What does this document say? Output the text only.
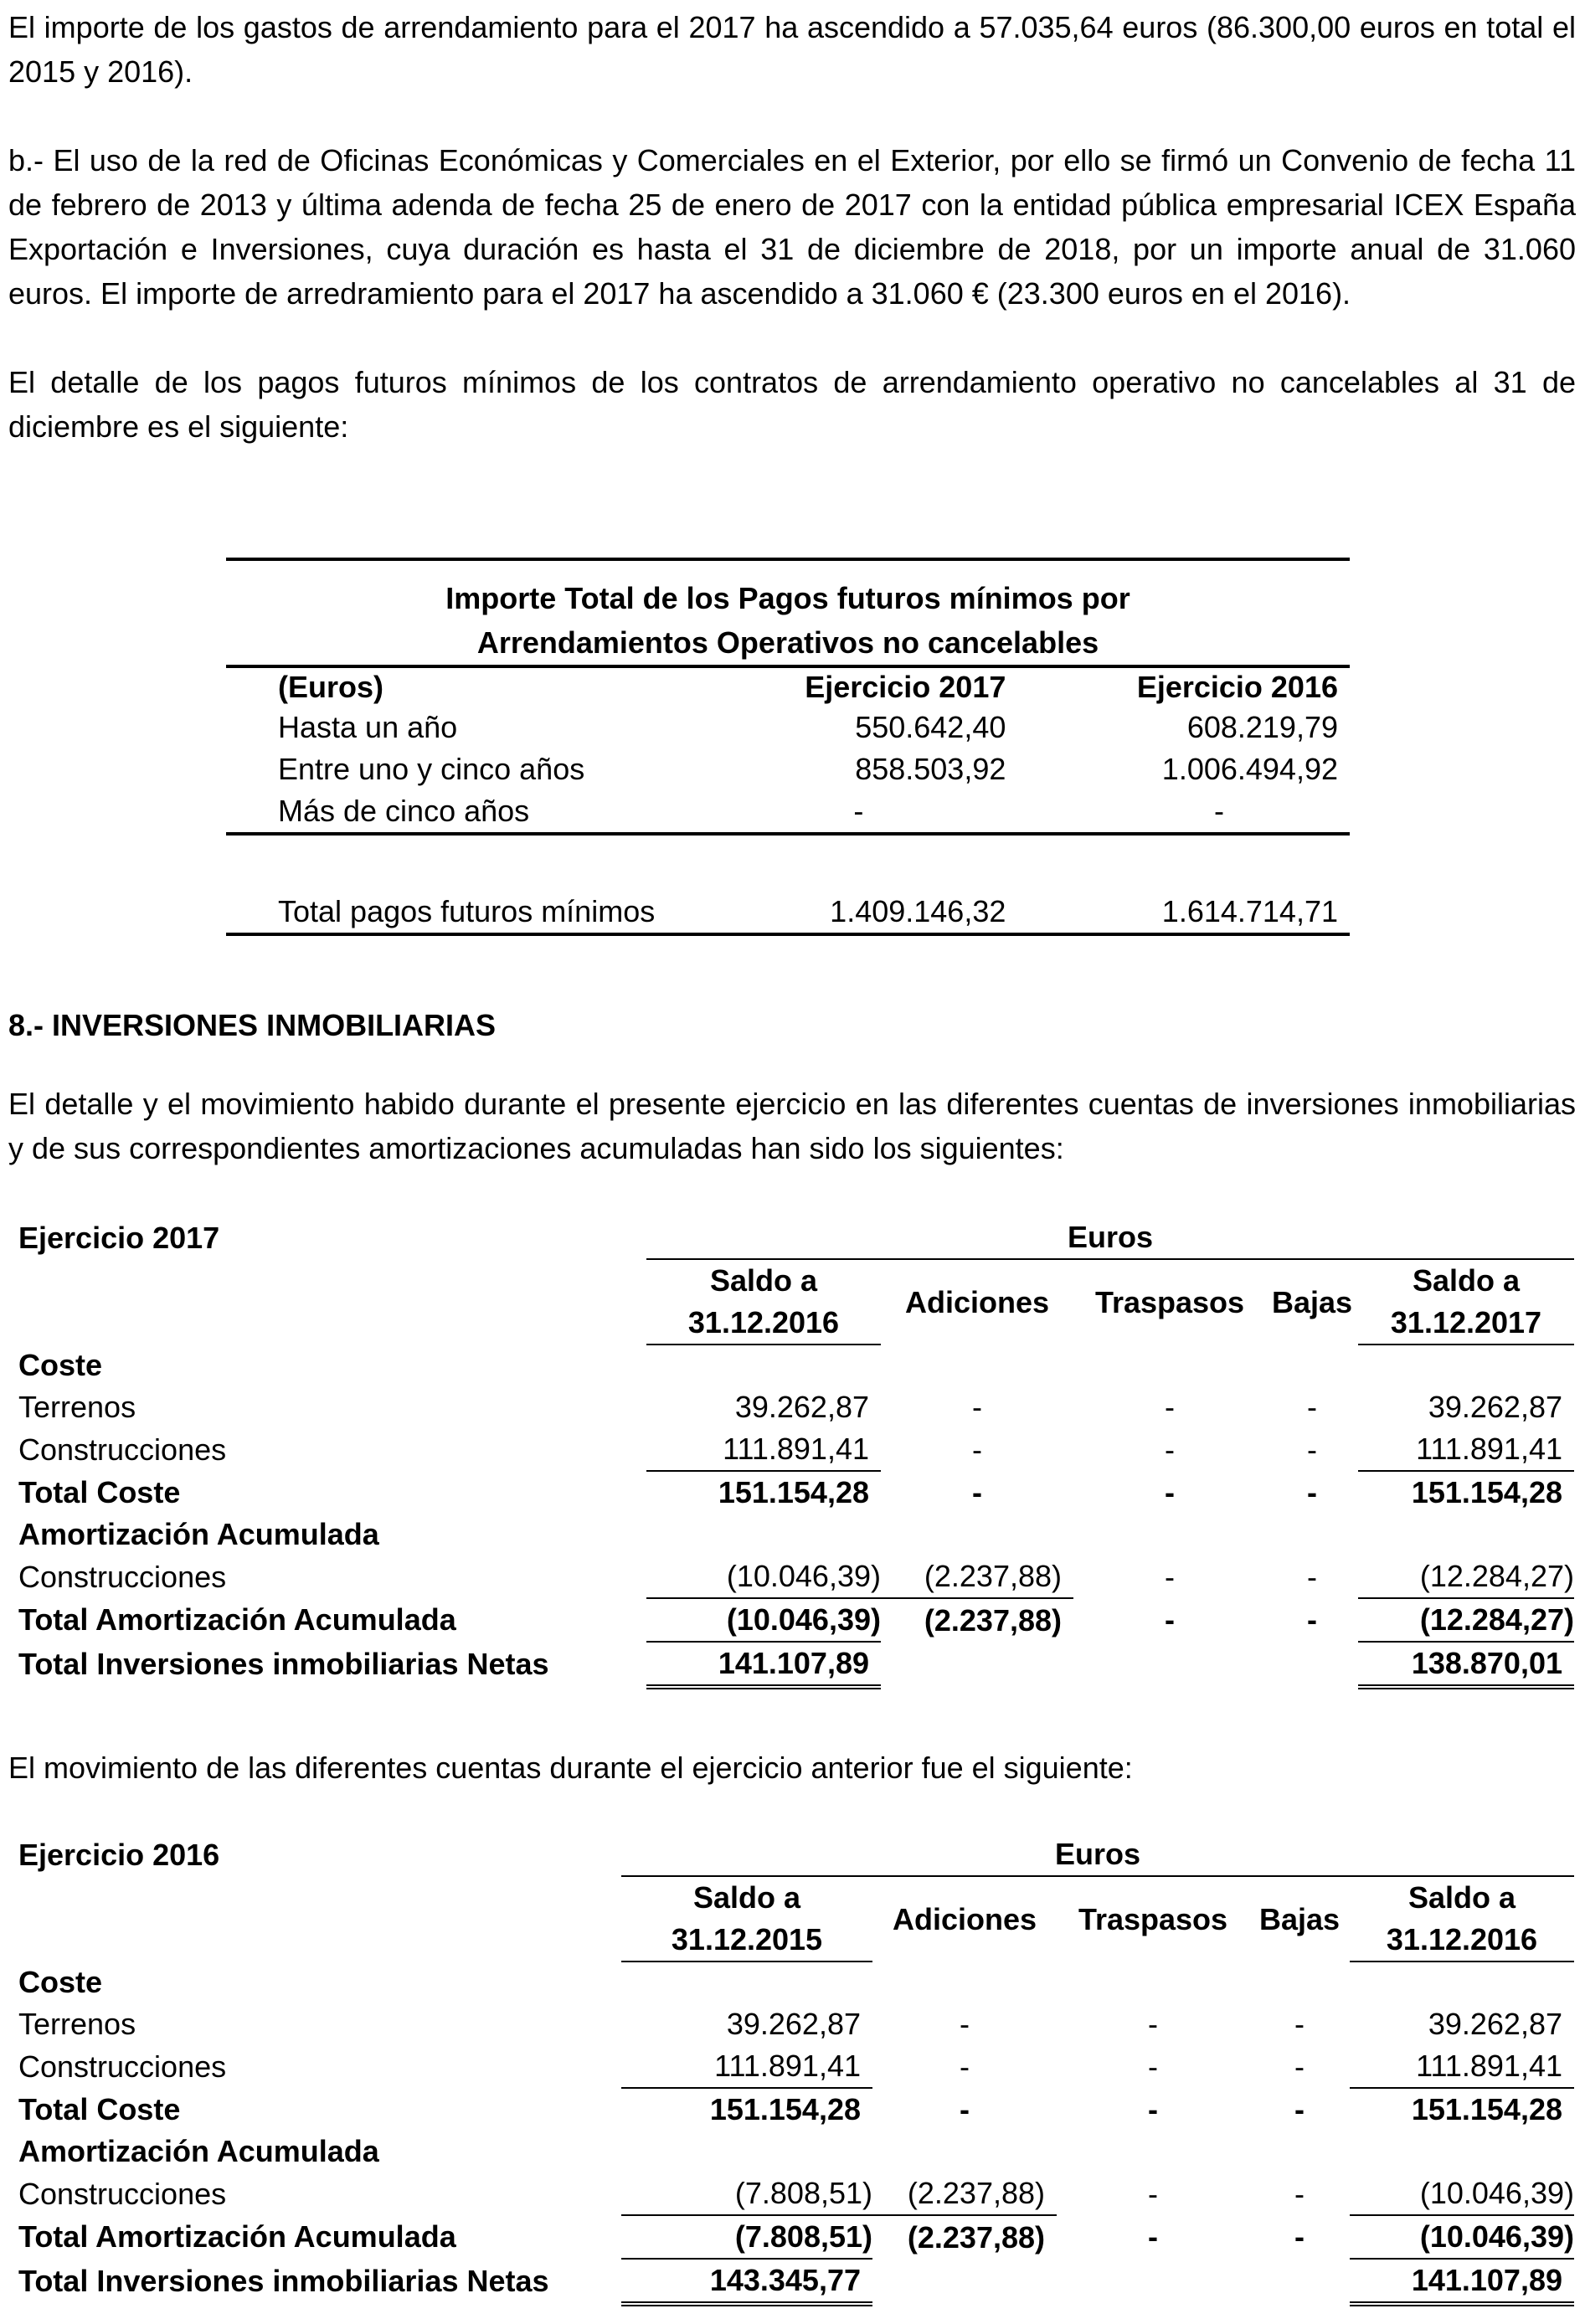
El importe de los gastos de arrendamiento para el 2017 ha ascendido a 57.035,64 euros (86.300,00 euros en total el 2015 y 2016).

b.- El uso de la red de Oficinas Económicas y Comerciales en el Exterior, por ello se firmó un Convenio de fecha 11 de febrero de 2013 y última adenda de fecha 25 de enero de 2017 con la entidad pública empresarial ICEX España Exportación e Inversiones, cuya duración es hasta el 31 de diciembre de 2018, por un importe anual de 31.060 euros. El importe de arredramiento para el 2017 ha ascendido a 31.060 € (23.300 euros en el 2016).

El detalle de los pagos futuros mínimos de los contratos de arrendamiento operativo no cancelables al 31 de diciembre es el siguiente:

Importe Total de los Pagos futuros mínimos por
Arrendamientos Operativos no cancelables
(Euros)	Ejercicio 2017	Ejercicio 2016
Hasta un año	550.642,40	608.219,79
Entre uno y cinco años	858.503,92	1.006.494,92
Más de cinco años	-	-

Total pagos futuros mínimos	1.409.146,32	1.614.714,71
8.- INVERSIONES INMOBILIARIAS

El detalle y el movimiento habido durante el presente ejercicio en las diferentes cuentas de inversiones inmobiliarias y de sus correspondientes amortizaciones acumuladas han sido los siguientes:

Ejercicio 2017	Euros				
	Saldo a	Adiciones	Traspasos	Bajas	Saldo a
	31.12.2016				31.12.2017
Coste					
Terrenos	39.262,87	-	-	-	39.262,87
Construcciones	111.891,41	-	-	-	111.891,41
Total Coste	151.154,28	-	-	-	151.154,28
Amortización Acumulada					
Construcciones	(10.046,39)	(2.237,88)	-	-	(12.284,27)
Total Amortización Acumulada	(10.046,39)	(2.237,88)	-	-	(12.284,27)
Total Inversiones inmobiliarias Netas	141.107,89				138.870,01

El movimiento de las diferentes cuentas durante el ejercicio anterior fue el siguiente:

Ejercicio 2016	Euros				
	Saldo a	Adiciones	Traspasos	Bajas	Saldo a
	31.12.2015				31.12.2016
Coste					
Terrenos	39.262,87	-	-	-	39.262,87
Construcciones	111.891,41	-	-	-	111.891,41
Total Coste	151.154,28	-	-	-	151.154,28
Amortización Acumulada					
Construcciones	(7.808,51)	(2.237,88)	-	-	(10.046,39)
Total Amortización Acumulada	(7.808,51)	(2.237,88)	-	-	(10.046,39)
Total Inversiones inmobiliarias Netas	143.345,77				141.107,89
